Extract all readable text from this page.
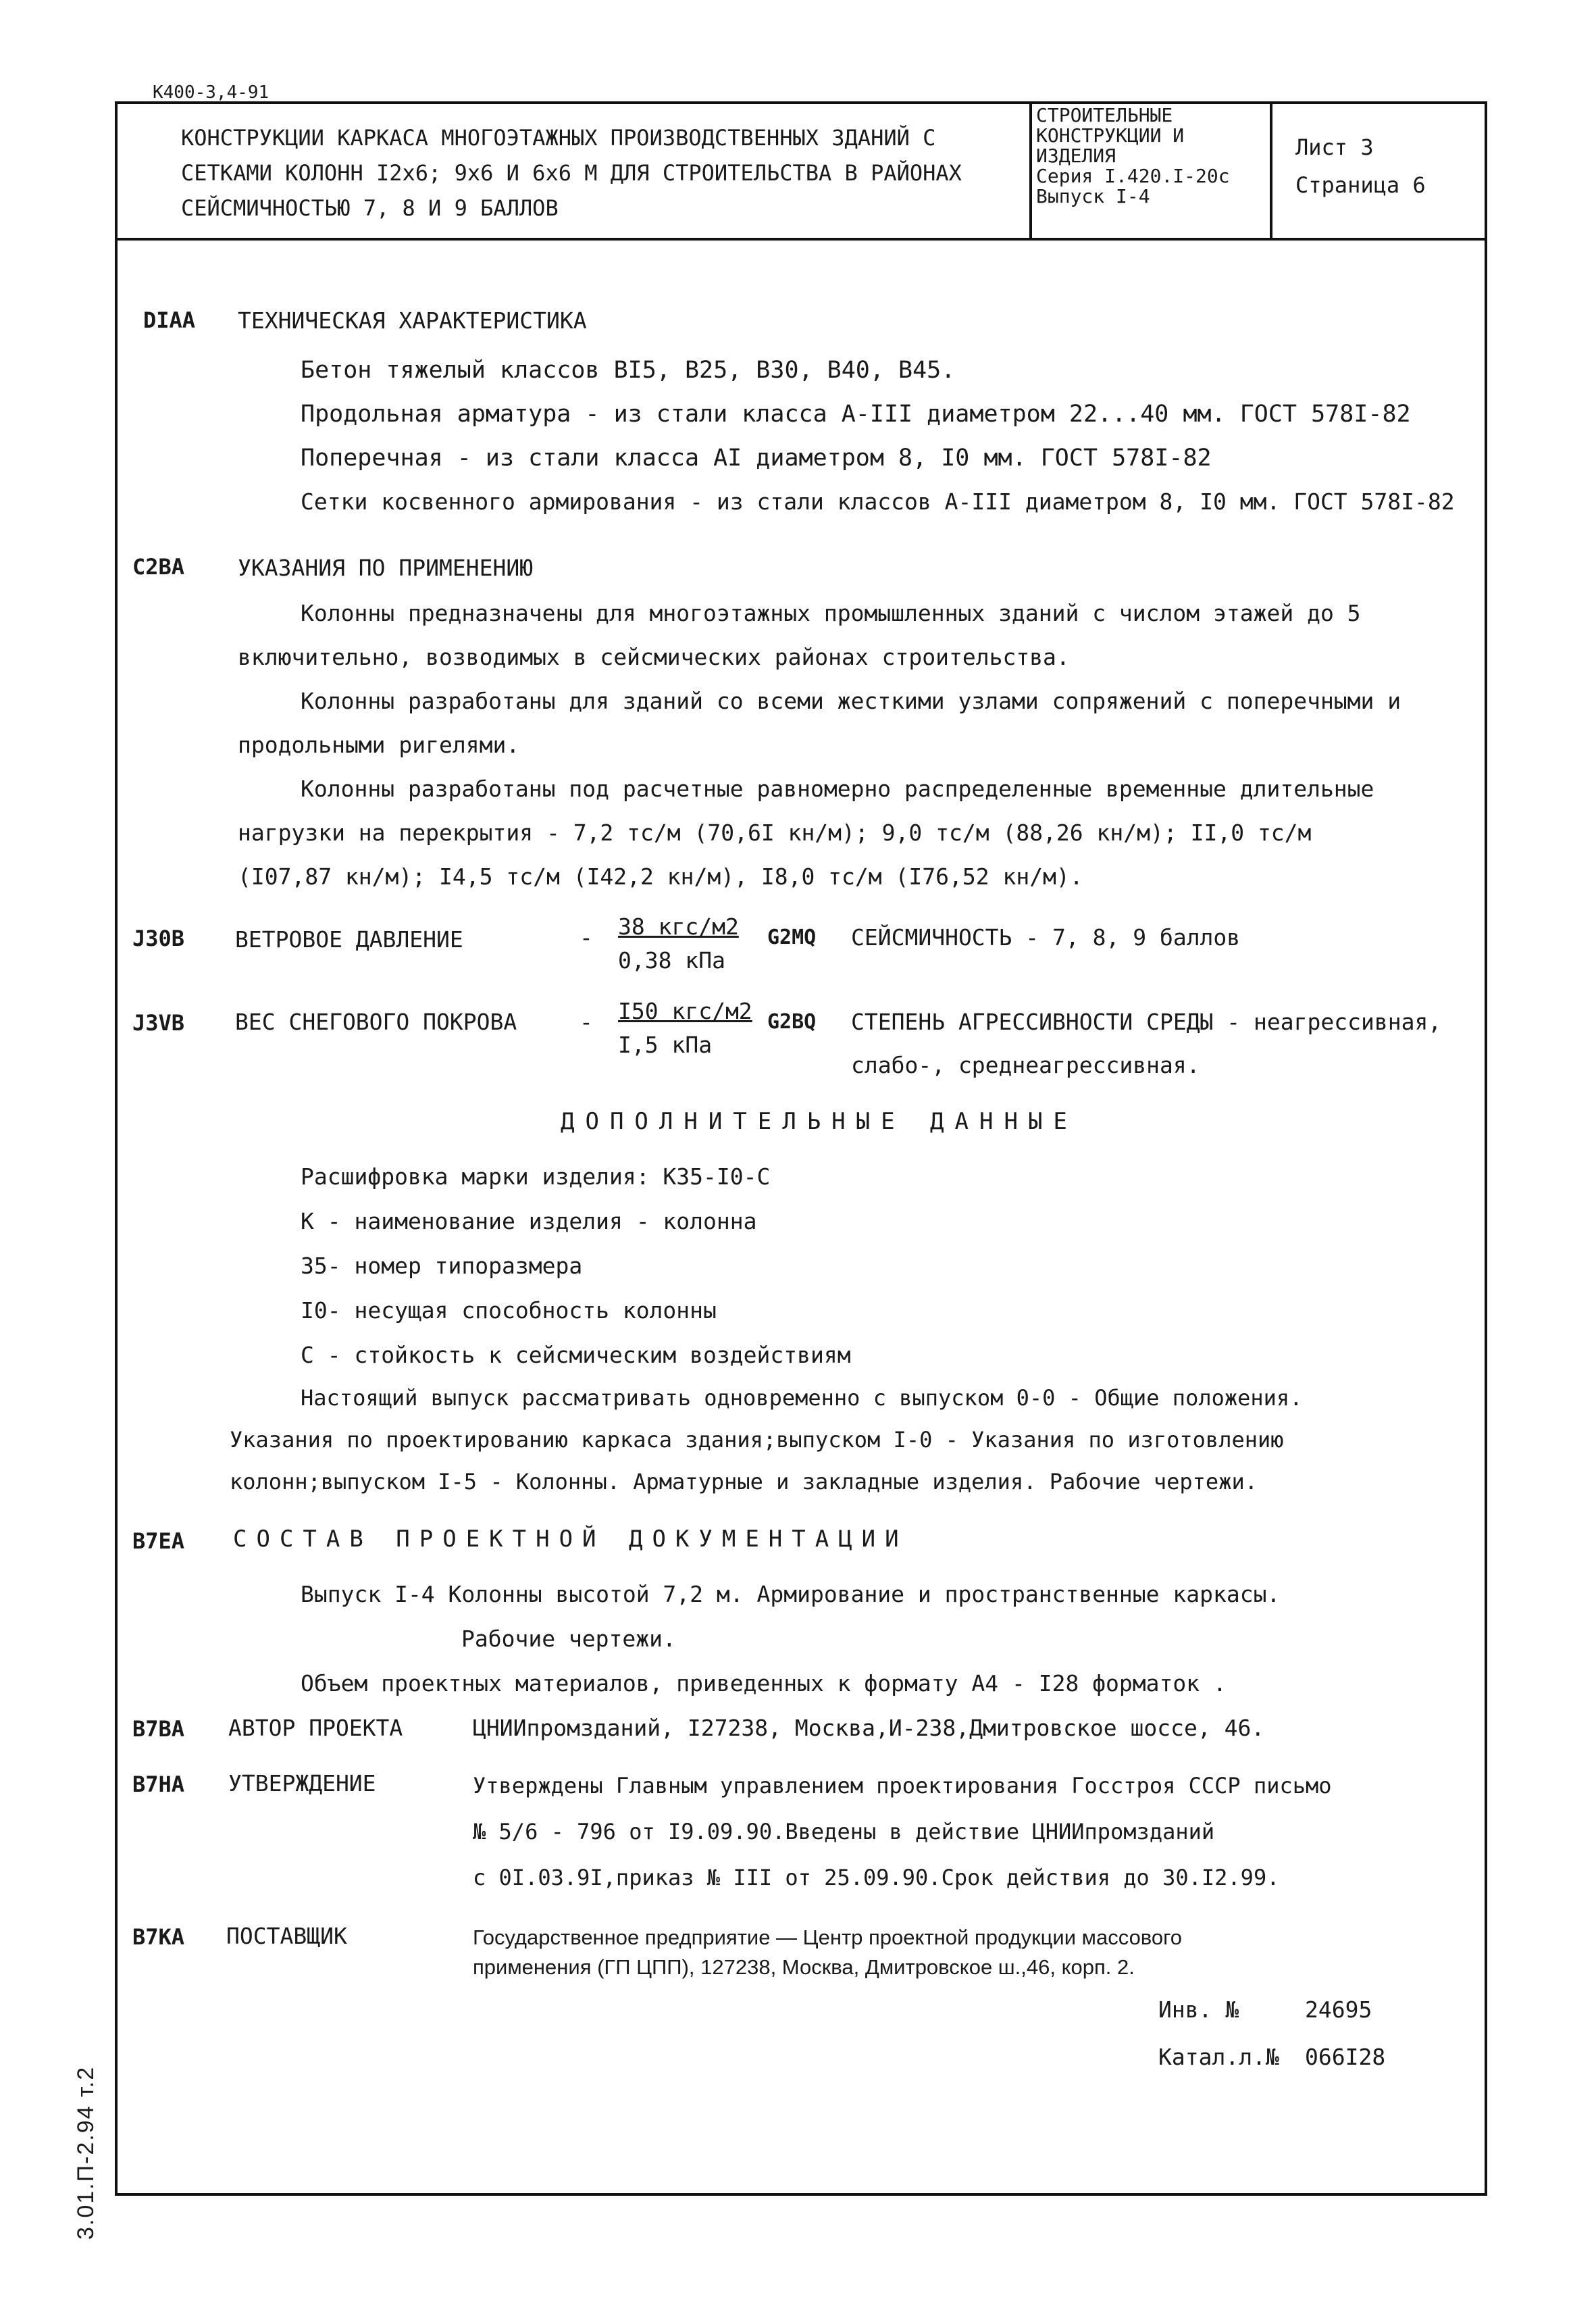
К400-3,4-91
КОНСТРУКЦИИ КАРКАСА МНОГОЭТАЖНЫХ ПРОИЗВОДСТВЕННЫХ ЗДАНИЙ С
СЕТКАМИ КОЛОНН I2х6; 9х6 И 6х6 М ДЛЯ СТРОИТЕЛЬСТВА В РАЙОНАХ
СЕЙСМИЧНОСТЬЮ 7, 8 И 9 БАЛЛОВ
СТРОИТЕЛЬНЫЕ
КОНСТРУКЦИИ И
ИЗДЕЛИЯ
Серия I.420.I-20с
Выпуск I-4
Лист 3
Страница 6
DIAA ТЕХНИЧЕСКАЯ ХАРАКТЕРИСТИКА
Бетон тяжелый классов ВI5, В25, В30, В40, В45.
Продольная арматура - из стали класса А-III диаметром 22...40 мм. ГОСТ 578I-82
Поперечная - из стали класса АI диаметром 8, I0 мм. ГОСТ 578I-82
Сетки косвенного армирования - из стали классов А-III диаметром 8, I0 мм. ГОСТ 578I-82
C2BA УКАЗАНИЯ ПО ПРИМЕНЕНИЮ
Колонны предназначены для многоэтажных промышленных зданий с числом этажей до 5
включительно, возводимых в сейсмических районах строительства.
Колонны разработаны для зданий со всеми жесткими узлами сопряжений с поперечными и
продольными ригелями.
Колонны разработаны под расчетные равномерно распределенные временные длительные
нагрузки на перекрытия - 7,2 тс/м (70,6I кн/м); 9,0 тс/м (88,26 кн/м); II,0 тс/м
(I07,87 кн/м); I4,5 тс/м (I42,2 кн/м), I8,0 тс/м (I76,52 кн/м).
J30B ВЕТРОВОЕ ДАВЛЕНИЕ	- 38 кгс/м2
0,38 кПа
G2MQ СЕЙСМИЧНОСТЬ - 7, 8, 9 баллов
J3VB ВЕС СНЕГОВОГО ПОКРОВА	- I50 кгс/м2
I,5 кПа
G2BQ СТЕПЕНЬ АГРЕССИВНОСТИ СРЕДЫ - неагрессивная,
слабо-, среднеагрессивная.
ДОПОЛНИТЕЛЬНЫЕ ДАННЫЕ
Расшифровка марки изделия: К35-I0-С
К - наименование изделия - колонна
35- номер типоразмера
I0- несущая способность колонны
С - стойкость к сейсмическим воздействиям
Настоящий выпуск рассматривать одновременно с выпуском 0-0 - Общие положения.
Указания по проектированию каркаса здания;выпуском I-0 - Указания по изготовлению
колонн;выпуском I-5 - Колонны. Арматурные и закладные изделия. Рабочие чертежи.
B7EA СОСТАВ ПРОЕКТНОЙ ДОКУМЕНТАЦИИ
Выпуск I-4 Колонны высотой 7,2 м. Армирование и пространственные каркасы.
Рабочие чертежи.
Объем проектных материалов, приведенных к формату А4 - I28 форматок .
B7BA АВТОР ПРОЕКТА	ЦНИИпромзданий, I27238, Москва,И-238,Дмитровское шоссе, 46.
B7HA УТВЕРЖДЕНИЕ	Утверждены Главным управлением проектирования Госстроя СССР письмо
№ 5/6 - 796 от I9.09.90.Введены в действие ЦНИИпромзданий
с 0I.03.9I,приказ № III от 25.09.90.Срок действия до 30.I2.99.
B7KA ПОСТАВЩИК	Государственное предприятие — Центр проектной продукции массового
применения (ГП ЦПП), 127238, Москва, Дмитровское ш.,46, корп. 2.
Инв. №	24695
Катал.л.№ 066I28
3.01.П-2.94 т.2
